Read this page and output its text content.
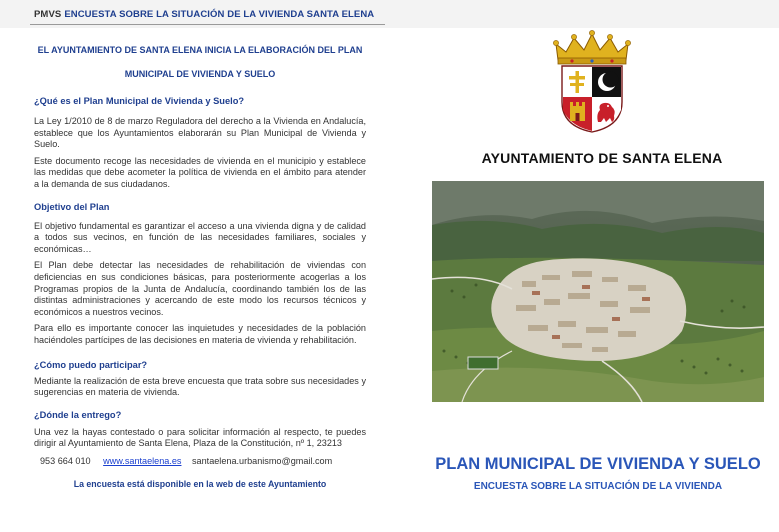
PMVS ENCUESTA SOBRE LA SITUACIÓN DE LA VIVIENDA SANTA ELENA

EL AYUNTAMIENTO DE SANTA ELENA INICIA LA ELABORACIÓN DEL PLAN

MUNICIPAL DE VIVIENDA Y SUELO

¿Qué es el Plan Municipal de Vivienda y Suelo?

La Ley 1/2010 de 8 de marzo Reguladora del derecho a la Vivienda en Andalucía, establece que los Ayuntamientos elaborarán su Plan Municipal de Vivienda y Suelo.

Este documento recoge las necesidades de vivienda en el municipio y establece las medidas que debe acometer la política de vivienda en el ámbito para atender a la demanda de sus ciudadanos.

Objetivo del Plan

El objetivo fundamental es garantizar el acceso a una vivienda digna y de calidad a todos sus vecinos, en función de las necesidades familiares, sociales y económicas…

El Plan debe detectar las necesidades de rehabilitación de viviendas con deficiencias en sus condiciones básicas, para posteriormente acogerlas a los Programas propios de la Junta de Andalucía, coordinando también los de las distintas administraciones y acercando de este modo los recursos técnicos y económicos a nuestros vecinos.

Para ello es importante conocer las inquietudes y necesidades de la población haciéndoles partícipes de las decisiones en materia de vivienda y rehabilitación.

¿Cómo puedo participar?

Mediante la realización de esta breve encuesta que trata sobre sus necesidades y sugerencias en materia de vivienda.

¿Dónde la entrego?

Una vez la hayas contestado o para solicitar información al respecto, te puedes dirigir al Ayuntamiento de Santa Elena, Plaza de la Constitución, nº 1, 23213

953 664 010 www.santaelena.es santaelena.urbanismo@gmail.com
La encuesta está disponible en la web de este Ayuntamiento
AYUNTAMIENTO DE SANTA ELENA
PLAN MUNICIPAL DE VIVIENDA Y SUELO
ENCUESTA SOBRE LA SITUACIÓN DE LA VIVIENDA
